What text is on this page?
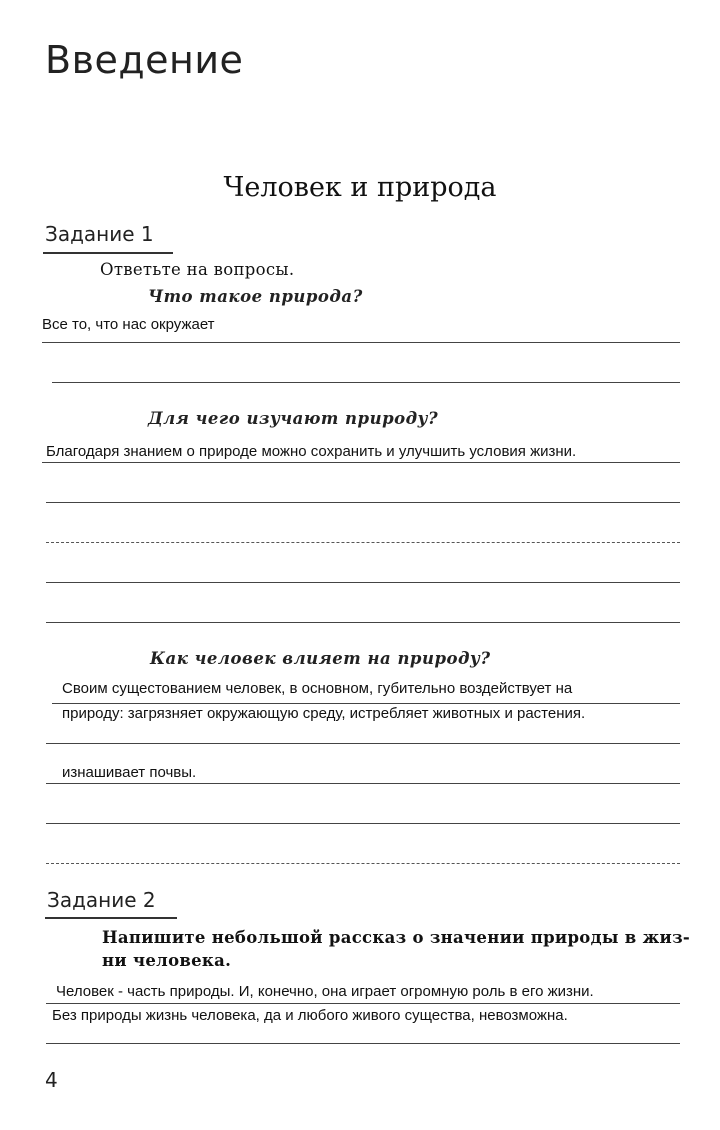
Введение
Человек и природа
Задание 1
Ответьте на вопросы.
Что такое природа?
Все то, что нас окружает
Для чего изучают природу?
Благодаря знанием о природе можно сохранить и улучшить условия жизни.
Как человек влияет на природу?
Своим сущестованием человек, в основном, губительно воздействует на
природу: загрязняет окружающую среду, истребляет животных и растения.
изнашивает почвы.
Задание 2
Напишите небольшой рассказ о значении природы в жиз-
ни человека.
Человек - часть природы. И, конечно, она играет огромную роль в его жизни.
Без природы жизнь человека, да и любого живого существа, невозможна.
4
